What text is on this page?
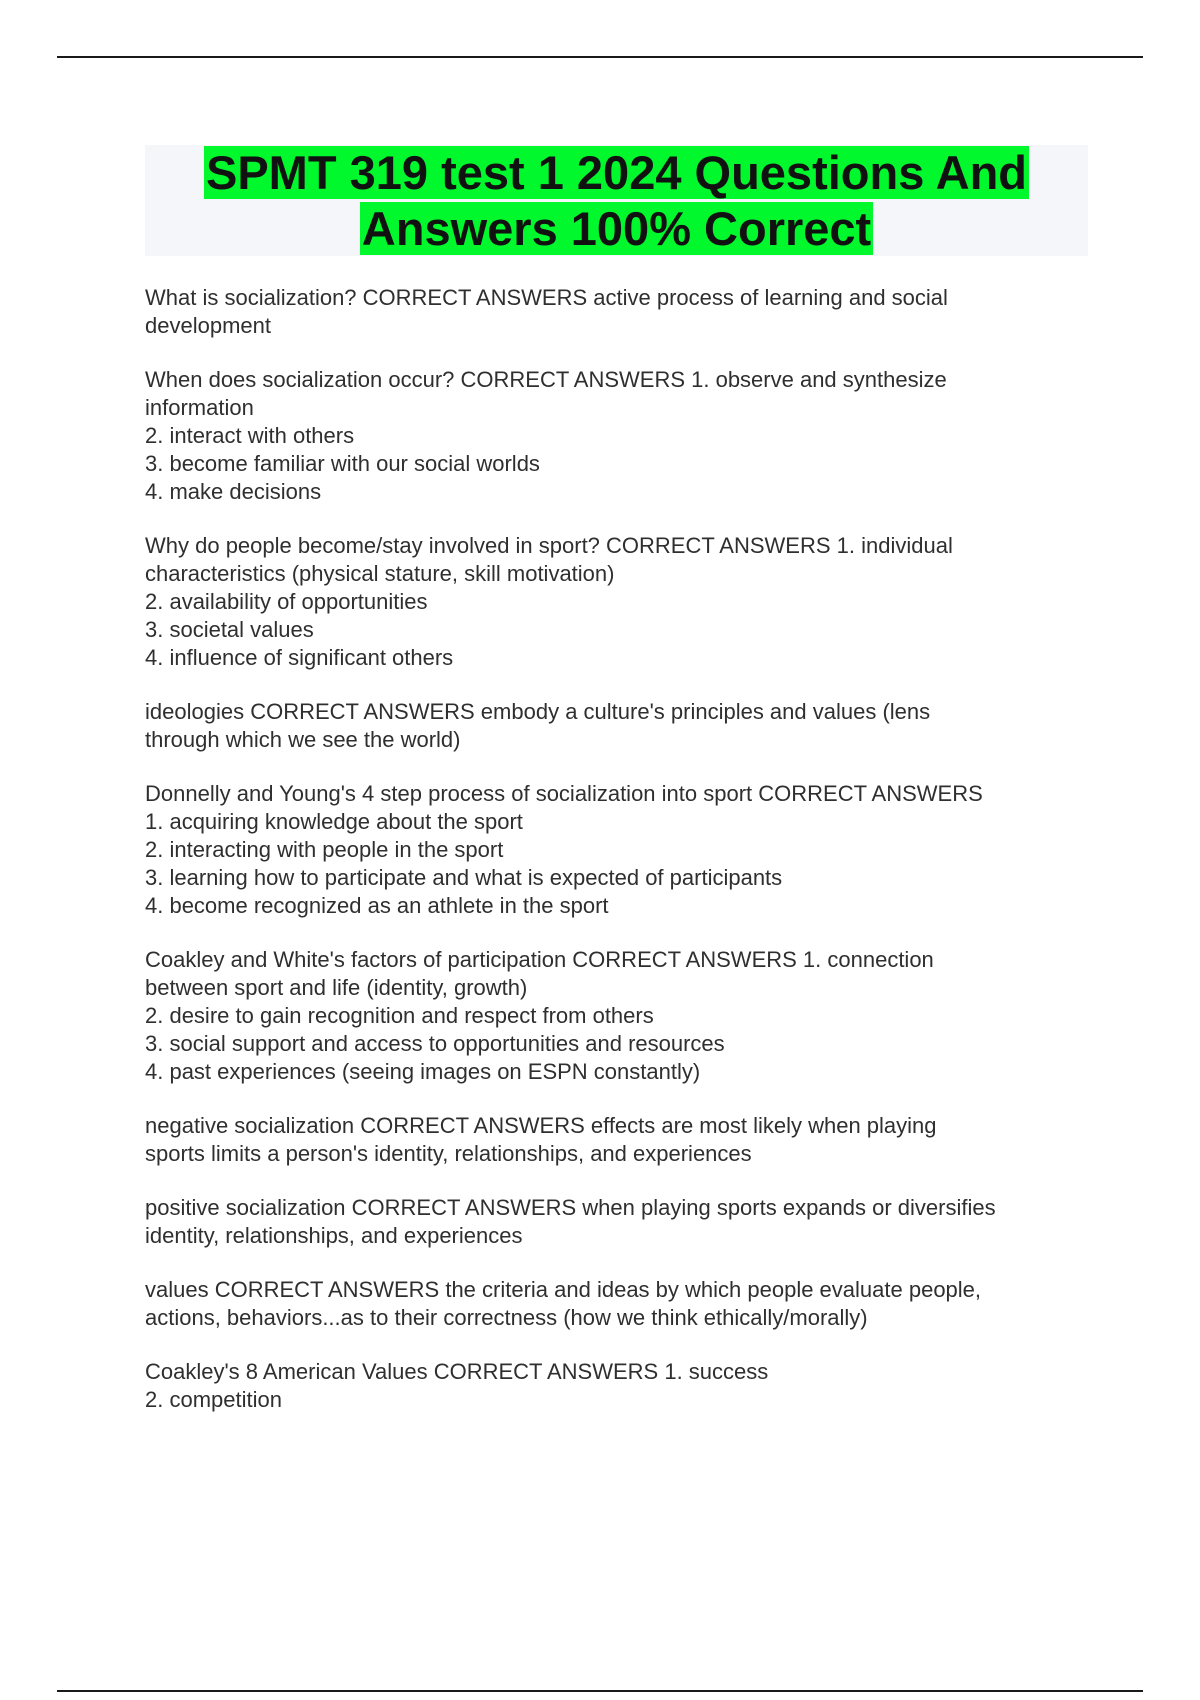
SPMT 319 test 1 2024 Questions And
Answers 100% Correct
What is socialization? CORRECT ANSWERS active process of learning and social
development
When does socialization occur? CORRECT ANSWERS 1. observe and synthesize
information
2. interact with others
3. become familiar with our social worlds
4. make decisions
Why do people become/stay involved in sport? CORRECT ANSWERS 1. individual
characteristics (physical stature, skill motivation)
2. availability of opportunities
3. societal values
4. influence of significant others
ideologies CORRECT ANSWERS embody a culture's principles and values (lens
through which we see the world)
Donnelly and Young's 4 step process of socialization into sport CORRECT ANSWERS
1. acquiring knowledge about the sport
2. interacting with people in the sport
3. learning how to participate and what is expected of participants
4. become recognized as an athlete in the sport
Coakley and White's factors of participation CORRECT ANSWERS 1. connection
between sport and life (identity, growth)
2. desire to gain recognition and respect from others
3. social support and access to opportunities and resources
4. past experiences (seeing images on ESPN constantly)
negative socialization CORRECT ANSWERS effects are most likely when playing
sports limits a person's identity, relationships, and experiences
positive socialization CORRECT ANSWERS when playing sports expands or diversifies
identity, relationships, and experiences
values CORRECT ANSWERS the criteria and ideas by which people evaluate people,
actions, behaviors...as to their correctness (how we think ethically/morally)
Coakley's 8 American Values CORRECT ANSWERS 1. success
2. competition
